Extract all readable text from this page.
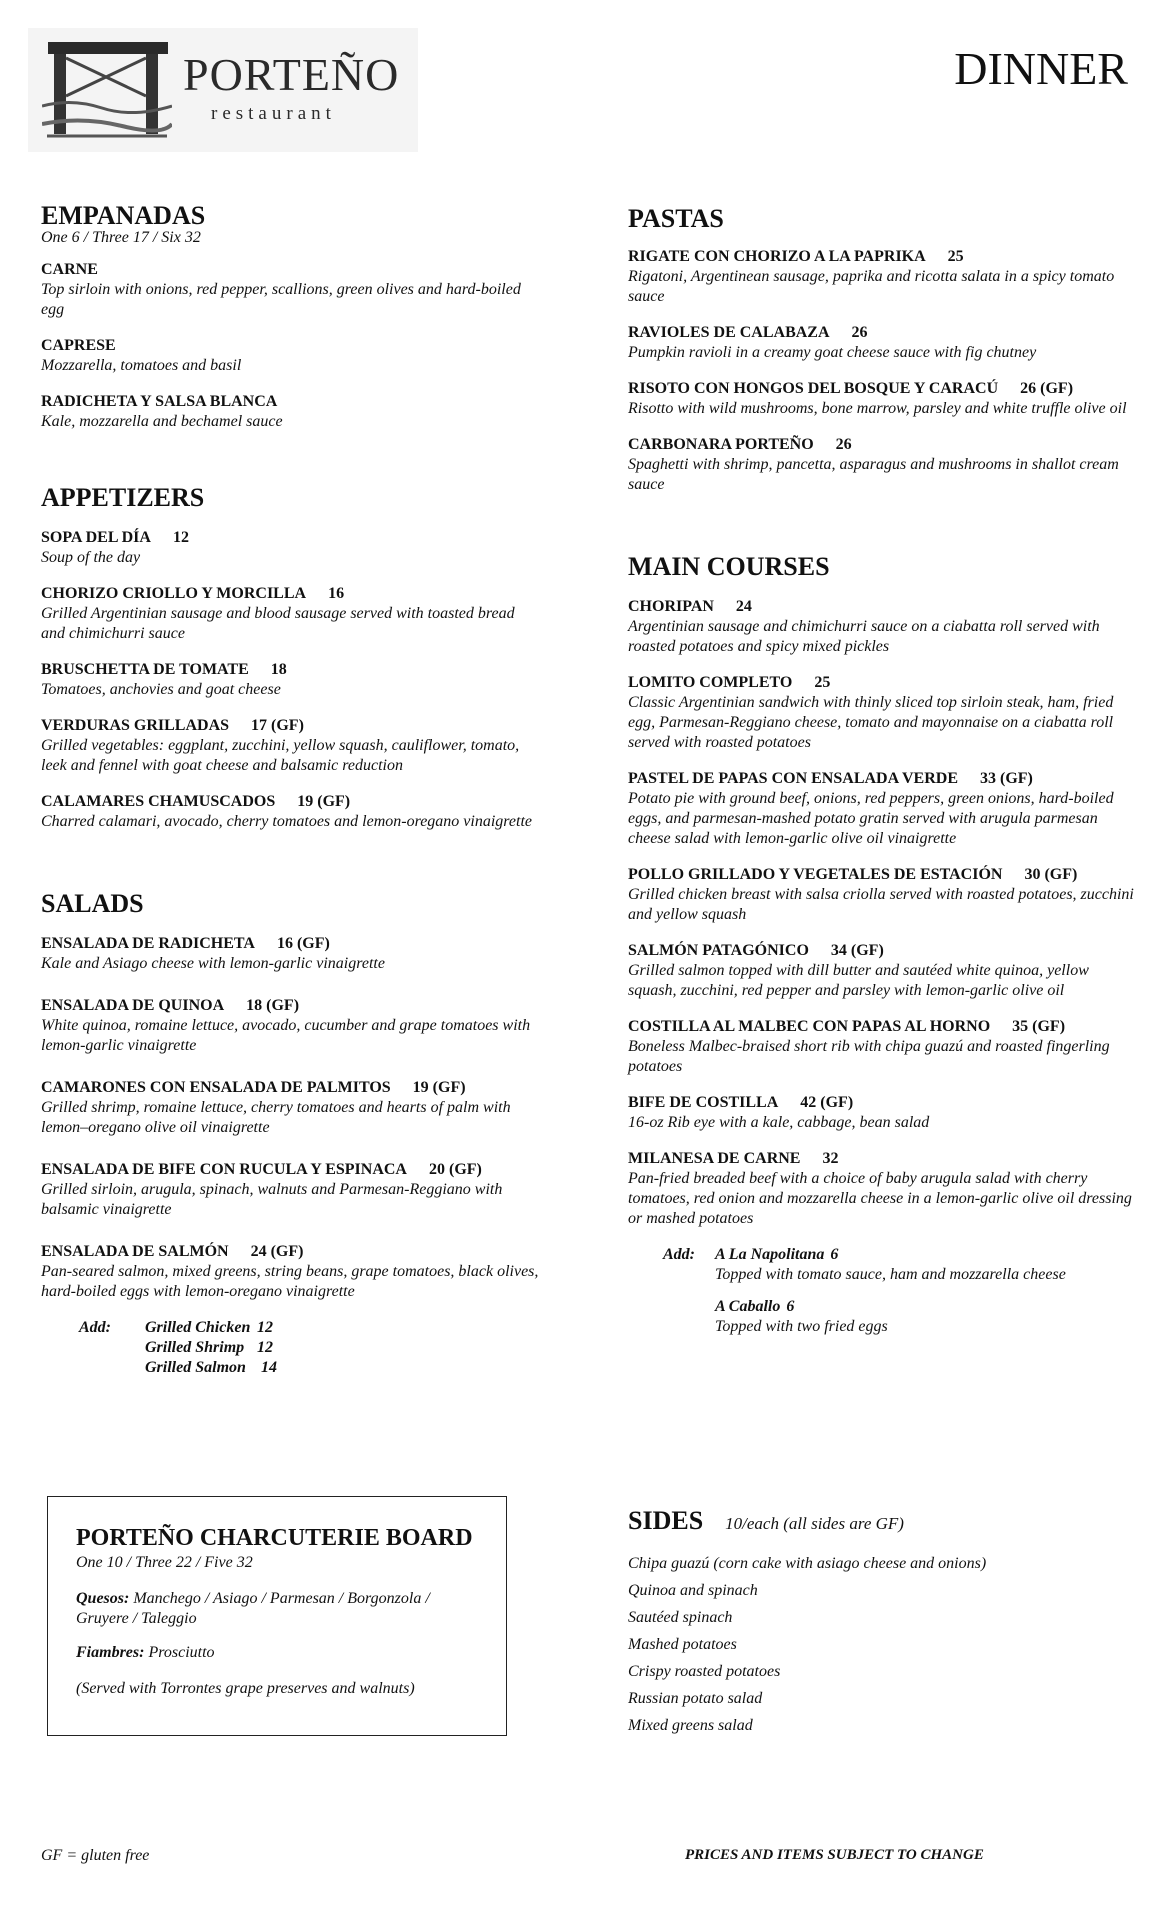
PORTEÑO
restaurant
DINNER
EMPANADAS
One 6 / Three 17 / Six 32
CARNE
Top sirloin with onions, red pepper, scallions, green olives and hard-boiled egg
CAPRESE
Mozzarella, tomatoes and basil
RADICHETA Y SALSA BLANCA
Kale, mozzarella and bechamel sauce
APPETIZERS
SOPA DEL DÍA 12
Soup of the day
CHORIZO CRIOLLO Y MORCILLA 16
Grilled Argentinian sausage and blood sausage served with toasted bread and chimichurri sauce
BRUSCHETTA DE TOMATE 18
Tomatoes, anchovies and goat cheese
VERDURAS GRILLADAS 17 (GF)
Grilled vegetables: eggplant, zucchini, yellow squash, cauliflower, tomato, leek and fennel with goat cheese and balsamic reduction
CALAMARES CHAMUSCADOS 19 (GF)
Charred calamari, avocado, cherry tomatoes and lemon-oregano vinaigrette
SALADS
ENSALADA DE RADICHETA 16 (GF)
Kale and Asiago cheese with lemon-garlic vinaigrette
ENSALADA DE QUINOA 18 (GF)
White quinoa, romaine lettuce, avocado, cucumber and grape tomatoes with lemon-garlic vinaigrette
CAMARONES CON ENSALADA DE PALMITOS 19 (GF)
Grilled shrimp, romaine lettuce, cherry tomatoes and hearts of palm with lemon–oregano olive oil vinaigrette
ENSALADA DE BIFE CON RUCULA Y ESPINACA 20 (GF)
Grilled sirloin, arugula, spinach, walnuts and Parmesan-Reggiano with balsamic vinaigrette
ENSALADA DE SALMÓN 24 (GF)
Pan-seared salmon, mixed greens, string beans, grape tomatoes, black olives, hard-boiled eggs with lemon-oregano vinaigrette
Add:	Grilled Chicken 12
Grilled Shrimp 12
Grilled Salmon 14
PASTAS
RIGATE CON CHORIZO A LA PAPRIKA 25
Rigatoni, Argentinean sausage, paprika and ricotta salata in a spicy tomato sauce
RAVIOLES DE CALABAZA 26
Pumpkin ravioli in a creamy goat cheese sauce with fig chutney
RISOTO CON HONGOS DEL BOSQUE Y CARACÚ 26 (GF)
Risotto with wild mushrooms, bone marrow, parsley and white truffle olive oil
CARBONARA PORTEÑO 26
Spaghetti with shrimp, pancetta, asparagus and mushrooms in shallot cream sauce
MAIN COURSES
CHORIPAN 24
Argentinian sausage and chimichurri sauce on a ciabatta roll served with roasted potatoes and spicy mixed pickles
LOMITO COMPLETO 25
Classic Argentinian sandwich with thinly sliced top sirloin steak, ham, fried egg, Parmesan-Reggiano cheese, tomato and mayonnaise on a ciabatta roll served with roasted potatoes
PASTEL DE PAPAS CON ENSALADA VERDE 33 (GF)
Potato pie with ground beef, onions, red peppers, green onions, hard-boiled eggs, and parmesan-mashed potato gratin served with arugula parmesan cheese salad with lemon-garlic olive oil vinaigrette
POLLO GRILLADO Y VEGETALES DE ESTACIÓN 30 (GF)
Grilled chicken breast with salsa criolla served with roasted potatoes, zucchini and yellow squash
SALMÓN PATAGÓNICO 34 (GF)
Grilled salmon topped with dill butter and sautéed white quinoa, yellow squash, zucchini, red pepper and parsley with lemon-garlic olive oil
COSTILLA AL MALBEC CON PAPAS AL HORNO 35 (GF)
Boneless Malbec-braised short rib with chipa guazú and roasted fingerling potatoes
BIFE DE COSTILLA 42 (GF)
16-oz Rib eye with a kale, cabbage, bean salad
MILANESA DE CARNE 32
Pan-fried breaded beef with a choice of baby arugula salad with cherry tomatoes, red onion and mozzarella cheese in a lemon-garlic olive oil dressing or mashed potatoes
Add:	A La Napolitana 6
Topped with tomato sauce, ham and mozzarella cheese
A Caballo 6
Topped with two fried eggs
PORTEÑO CHARCUTERIE BOARD
One 10 / Three 22 / Five 32
Quesos: Manchego / Asiago / Parmesan / Borgonzola / Gruyere / Taleggio
Fiambres: Prosciutto
(Served with Torrontes grape preserves and walnuts)
SIDES 10/each (all sides are GF)
Chipa guazú (corn cake with asiago cheese and onions)
Quinoa and spinach
Sautéed spinach
Mashed potatoes
Crispy roasted potatoes
Russian potato salad
Mixed greens salad
GF = gluten free	PRICES AND ITEMS SUBJECT TO CHANGE
